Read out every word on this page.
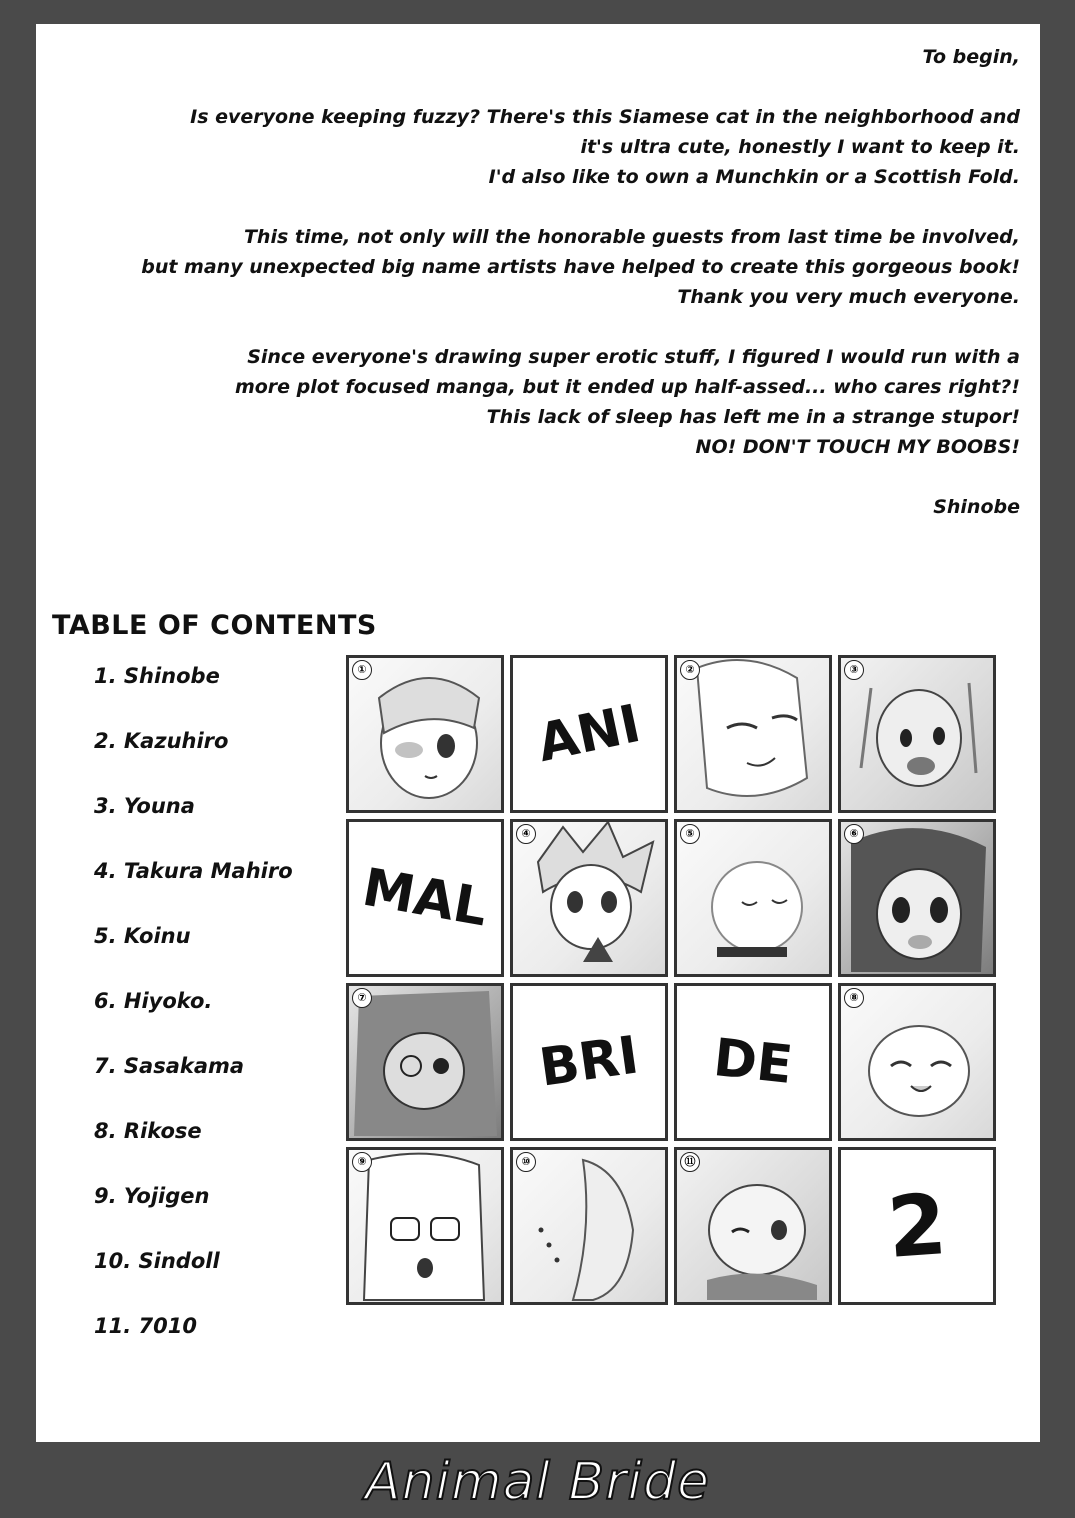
To begin,

Is everyone keeping fuzzy? There's this Siamese cat in the neighborhood and
it's ultra cute, honestly I want to keep it.
I'd also like to own a Munchkin or a Scottish Fold.

This time, not only will the honorable guests from last time be involved,
but many unexpected big name artists have helped to create this gorgeous book!
Thank you very much everyone.

Since everyone's drawing super erotic stuff, I figured I would run with a
more plot focused manga, but it ended up half-assed... who cares right?!
This lack of sleep has left me in a strange stupor!
NO! DON'T TOUCH MY BOOBS!

Shinobe

TABLE OF CONTENTS
1. Shinobe
2. Kazuhiro
3. Youna
4. Takura Mahiro
5. Koinu
6. Hiyoko.
7. Sasakama
8. Rikose
9. Yojigen
10. Sindoll
11. 7010
①
ANI
②	③
MAL
④	⑤	⑥
⑦
BRI	DE
⑧
⑨	⑩	⑪
2
Animal Bride
